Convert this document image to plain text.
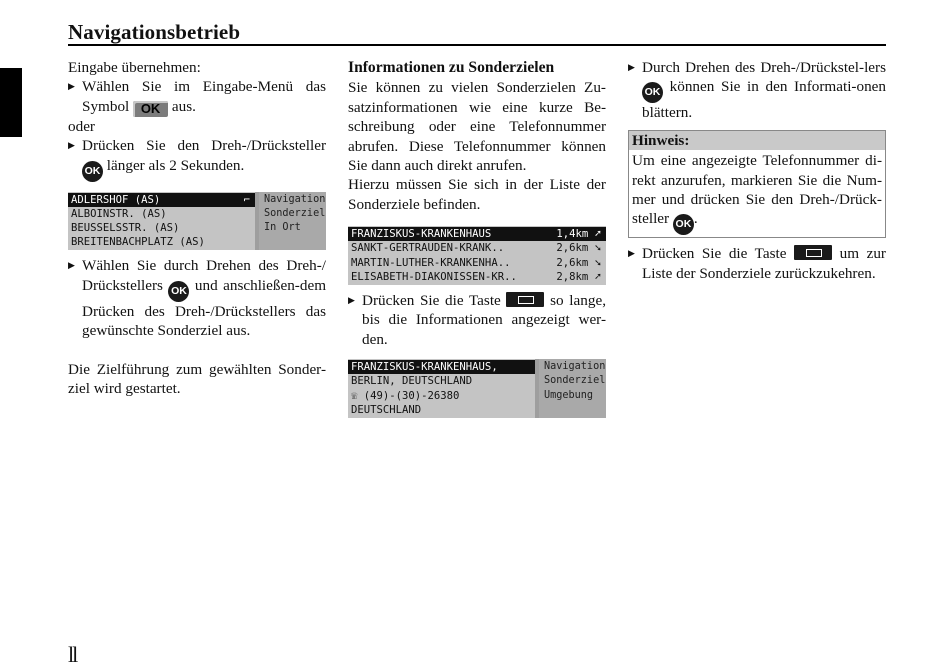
Navigationsbetrieb

Eingabe übernehmen:

▶ Wählen Sie im Eingabe-Menü das Symbol OK aus.

oder

▶ Drücken Sie den Dreh-/Drücksteller OK länger als 2 Sekunden.

ADLERSHOF (AS)	⌐
ALBOINSTR. (AS)
BEUSSELSSTR. (AS)
BREITENBACHPLATZ (AS)
Navigation
Sonderziel
In Ort

▶ Wählen Sie durch Drehen des Dreh-/ Drückstellers OK und anschließen-dem Drücken des Dreh-/Drückstellers das gewünschte Sonderziel aus.

Die Zielführung zum gewählten Sonder-ziel wird gestartet.

Informationen zu Sonderzielen

Sie können zu vielen Sonderzielen Zu-satzinformationen wie eine kurze Be-schreibung oder eine Telefonnummer abrufen. Diese Telefonnummer können Sie dann auch direkt anrufen.

Hierzu müssen Sie sich in der Liste der Sonderziele befinden.

FRANZISKUS-KRANKENHAUS	1,4km ➚
SANKT-GERTRAUDEN-KRANK..	2,6km ➘
MARTIN-LUTHER-KRANKENHA..	2,6km ➘
ELISABETH-DIAKONISSEN-KR..	2,8km ➚

▶ Drücken Sie die Taste	so lange, bis die Informationen angezeigt wer-den.

FRANZISKUS-KRANKENHAUS,
BERLIN, DEUTSCHLAND
☏ (49)-(30)-26380
DEUTSCHLAND
Navigation
Sonderziel
Umgebung

▶ Durch Drehen des Dreh-/Drückstel-lers OK können Sie in den Informati-onen blättern.

Hinweis:
Um eine angezeigte Telefonnummer di-rekt anzurufen, markieren Sie die Num-mer und drücken Sie den Dreh-/Drück-steller OK .

▶ Drücken Sie die Taste	um zur Liste der Sonderziele zurückzukehren.

ll
